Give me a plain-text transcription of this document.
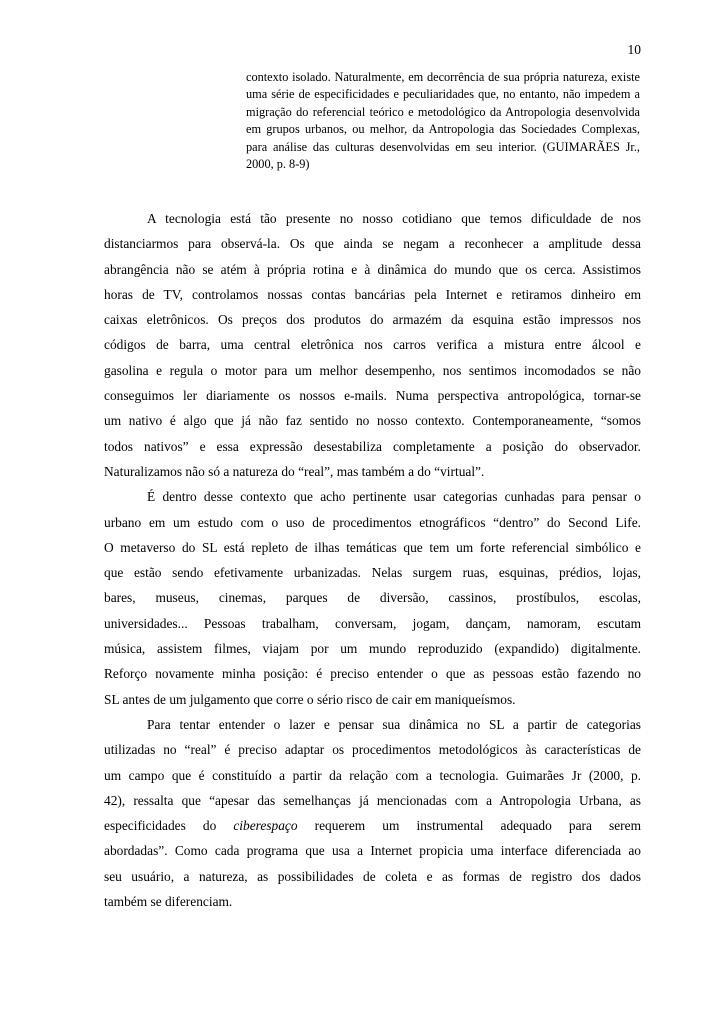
10

contexto isolado. Naturalmente, em decorrência de sua própria natureza, existe uma série de especificidades e peculiaridades que, no entanto, não impedem a migração do referencial teórico e metodológico da Antropologia desenvolvida em grupos urbanos, ou melhor, da Antropologia das Sociedades Complexas, para análise das culturas desenvolvidas em seu interior. (GUIMARÃES Jr., 2000, p. 8-9)

A tecnologia está tão presente no nosso cotidiano que temos dificuldade de nos
distanciarmos para observá-la. Os que ainda se negam a reconhecer a amplitude dessa
abrangência não se atém à própria rotina e à dinâmica do mundo que os cerca. Assistimos
horas de TV, controlamos nossas contas bancárias pela Internet e retiramos dinheiro em
caixas eletrônicos. Os preços dos produtos do armazém da esquina estão impressos nos
códigos de barra, uma central eletrônica nos carros verifica a mistura entre álcool e
gasolina e regula o motor para um melhor desempenho, nos sentimos incomodados se não
conseguimos ler diariamente os nossos e-mails. Numa perspectiva antropológica, tornar-se
um nativo é algo que já não faz sentido no nosso contexto. Contemporaneamente, “somos
todos nativos” e essa expressão desestabiliza completamente a posição do observador.
Naturalizamos não só a natureza do “real”, mas também a do “virtual”.
É dentro desse contexto que acho pertinente usar categorias cunhadas para pensar o
urbano em um estudo com o uso de procedimentos etnográficos “dentro” do Second Life.
O metaverso do SL está repleto de ilhas temáticas que tem um forte referencial simbólico e
que estão sendo efetivamente urbanizadas. Nelas surgem ruas, esquinas, prédios, lojas,
bares, museus, cinemas, parques de diversão, cassinos, prostíbulos, escolas,
universidades... Pessoas trabalham, conversam, jogam, dançam, namoram, escutam
música, assistem filmes, viajam por um mundo reproduzido (expandido) digitalmente.
Reforço novamente minha posição: é preciso entender o que as pessoas estão fazendo no
SL antes de um julgamento que corre o sério risco de cair em maniqueísmos.
Para tentar entender o lazer e pensar sua dinâmica no SL a partir de categorias
utilizadas no “real” é preciso adaptar os procedimentos metodológicos às características de
um campo que é constituído a partir da relação com a tecnologia. Guimarães Jr (2000, p.
42), ressalta que “apesar das semelhanças já mencionadas com a Antropologia Urbana, as
especificidades do ciberespaço requerem um instrumental adequado para serem
abordadas”. Como cada programa que usa a Internet propicia uma interface diferenciada ao
seu usuário, a natureza, as possibilidades de coleta e as formas de registro dos dados
também se diferenciam.
